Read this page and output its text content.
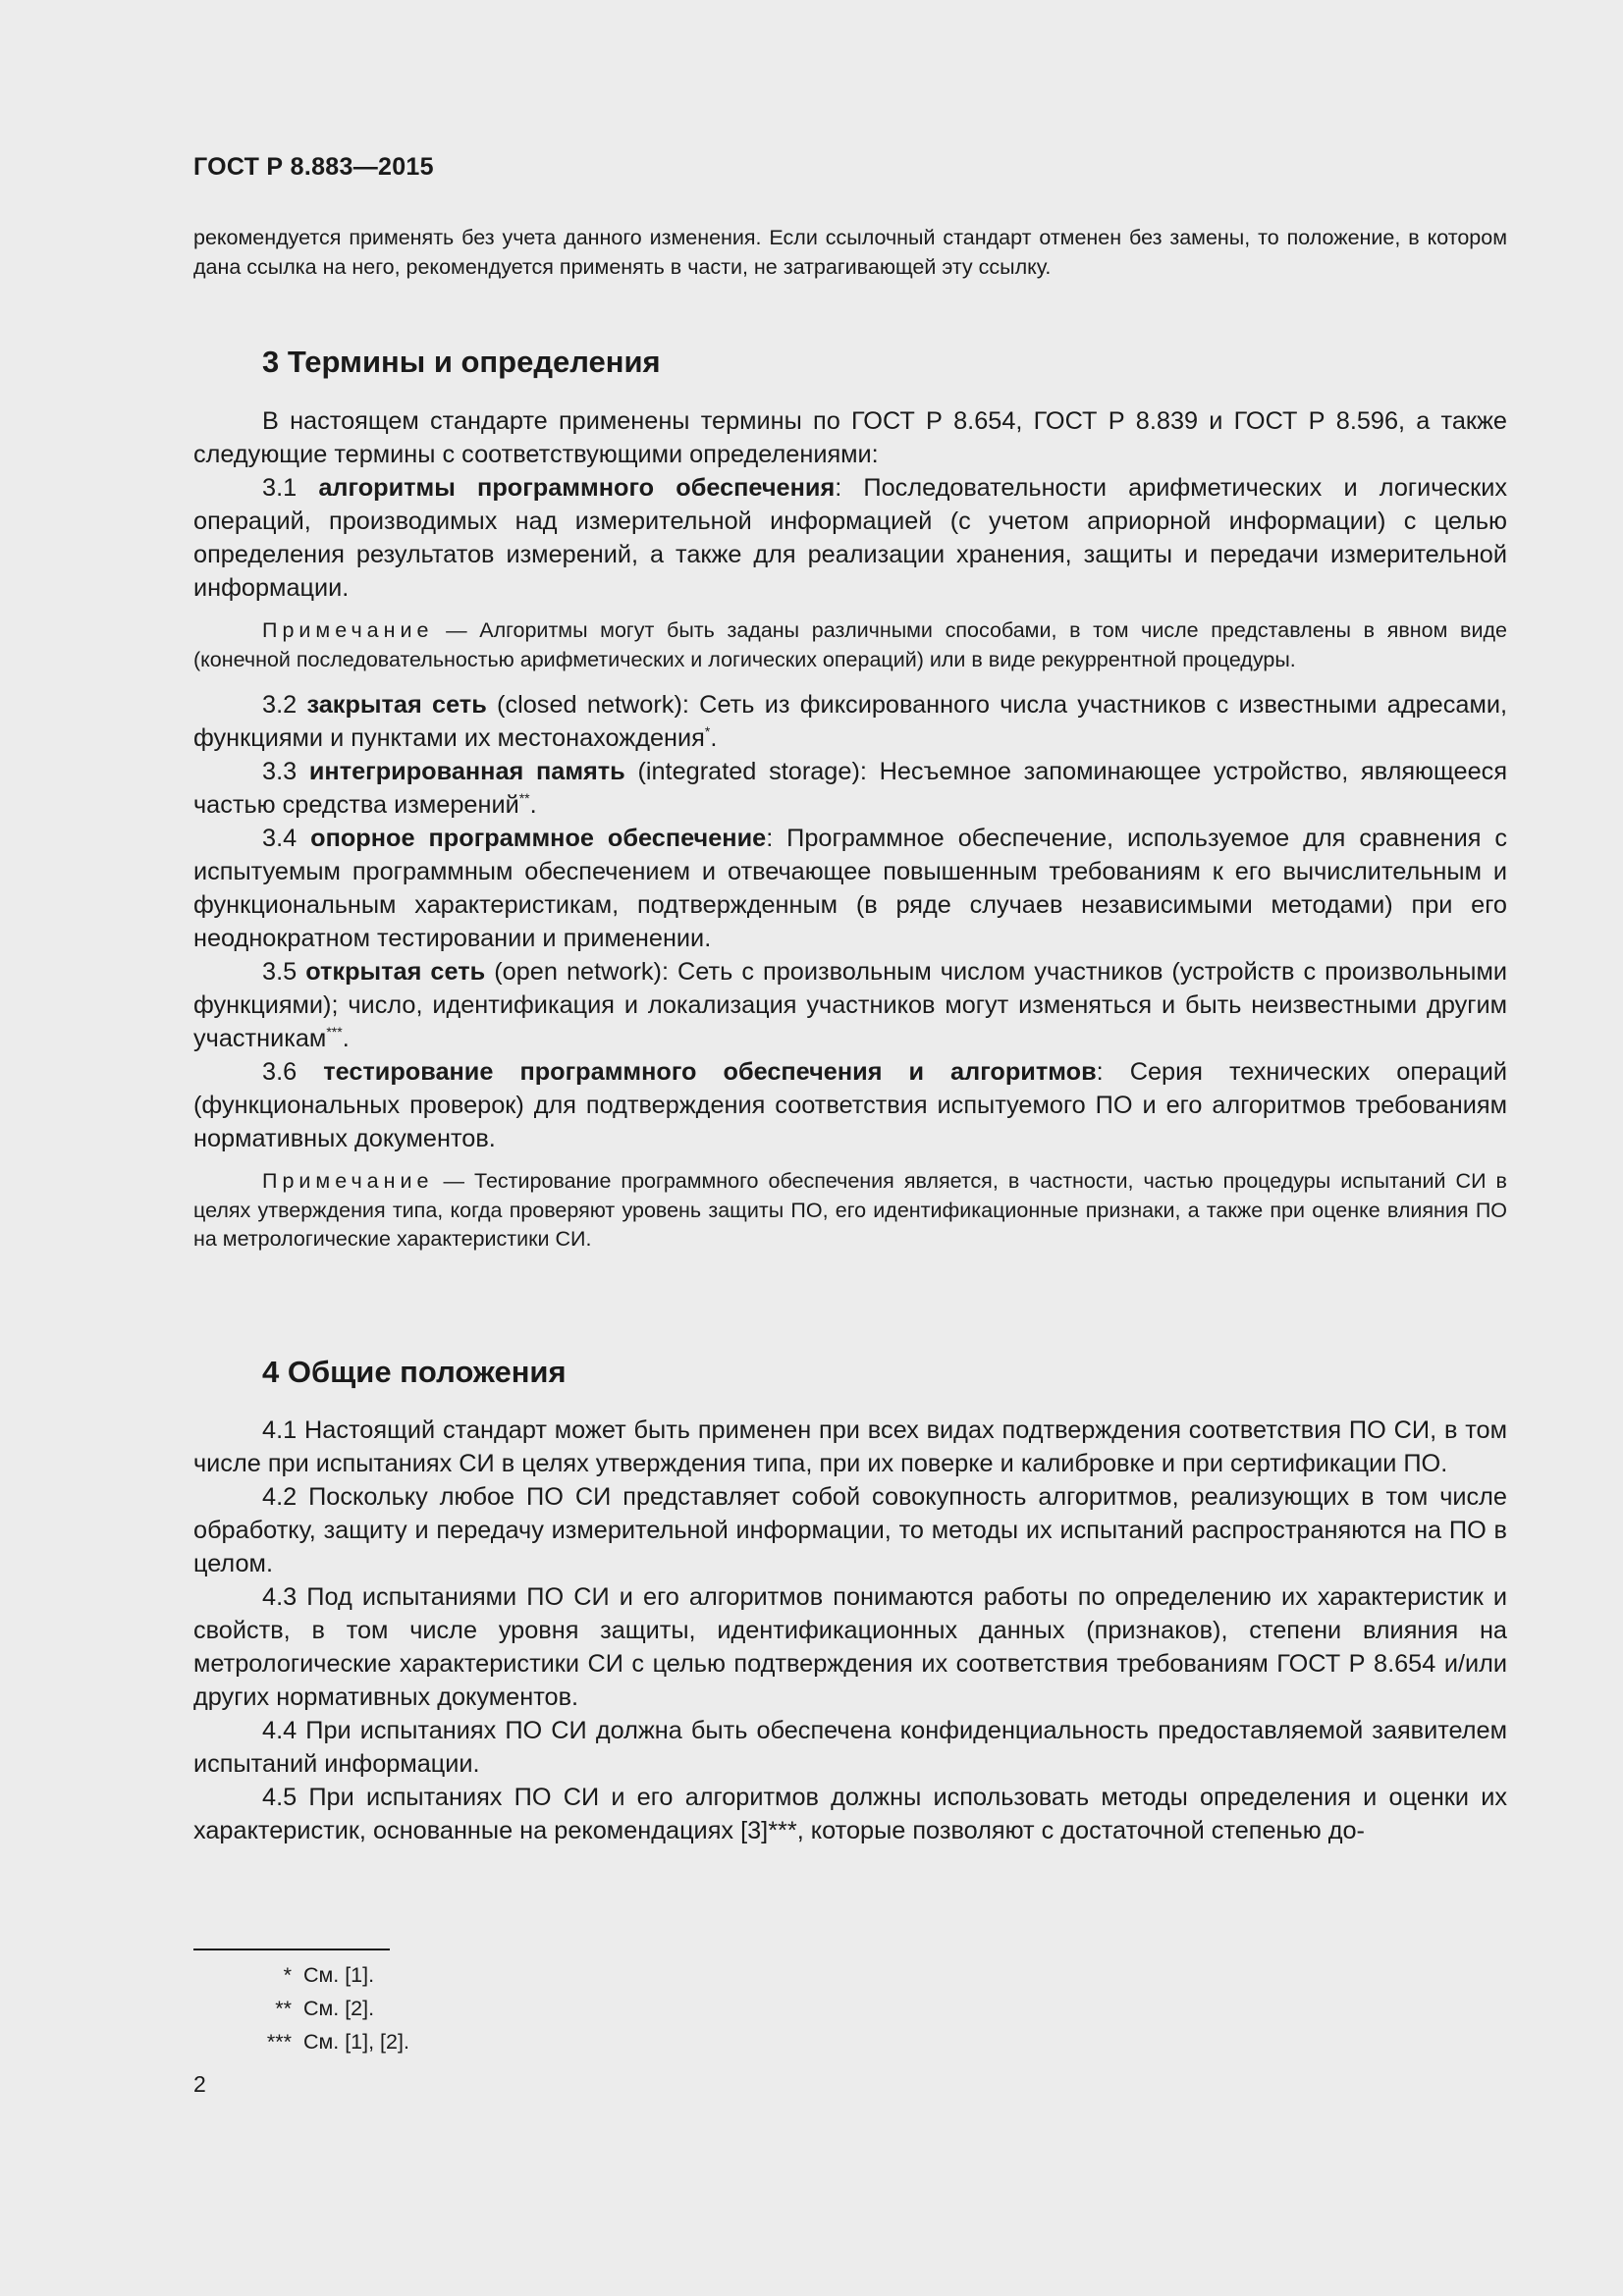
ГОСТ Р 8.883—2015

рекомендуется применять без учета данного изменения. Если ссылочный стандарт отменен без замены, то положение, в котором дана ссылка на него, рекомендуется применять в части, не затрагивающей эту ссылку.

3 Термины и определения

В настоящем стандарте применены термины по ГОСТ Р 8.654, ГОСТ Р 8.839 и ГОСТ Р 8.596, а также следующие термины с соответствующими определениями:

3.1 алгоритмы программного обеспечения: Последовательности арифметических и логических операций, производимых над измерительной информацией (с учетом априорной информации) с целью определения результатов измерений, а также для реализации хранения, защиты и передачи измерительной информации.

Примечание — Алгоритмы могут быть заданы различными способами, в том числе представлены в явном виде (конечной последовательностью арифметических и логических операций) или в виде рекуррентной процедуры.

3.2 закрытая сеть (closed network): Сеть из фиксированного числа участников с известными адресами, функциями и пунктами их местонахождения*.

3.3 интегрированная память (integrated storage): Несъемное запоминающее устройство, являющееся частью средства измерений**.

3.4 опорное программное обеспечение: Программное обеспечение, используемое для сравнения с испытуемым программным обеспечением и отвечающее повышенным требованиям к его вычислительным и функциональным характеристикам, подтвержденным (в ряде случаев независимыми методами) при его неоднократном тестировании и применении.

3.5 открытая сеть (open network): Сеть с произвольным числом участников (устройств с произвольными функциями); число, идентификация и локализация участников могут изменяться и быть неизвестными другим участникам***.

3.6 тестирование программного обеспечения и алгоритмов: Серия технических операций (функциональных проверок) для подтверждения соответствия испытуемого ПО и его алгоритмов требованиям нормативных документов.

Примечание — Тестирование программного обеспечения является, в частности, частью процедуры испытаний СИ в целях утверждения типа, когда проверяют уровень защиты ПО, его идентификационные признаки, а также при оценке влияния ПО на метрологические характеристики СИ.

4 Общие положения

4.1 Настоящий стандарт может быть применен при всех видах подтверждения соответствия ПО СИ, в том числе при испытаниях СИ в целях утверждения типа, при их поверке и калибровке и при сертификации ПО.

4.2 Поскольку любое ПО СИ представляет собой совокупность алгоритмов, реализующих в том числе обработку, защиту и передачу измерительной информации, то методы их испытаний распространяются на ПО в целом.

4.3 Под испытаниями ПО СИ и его алгоритмов понимаются работы по определению их характеристик и свойств, в том числе уровня защиты, идентификационных данных (признаков), степени влияния на метрологические характеристики СИ с целью подтверждения их соответствия требованиям ГОСТ Р 8.654 и/или других нормативных документов.

4.4 При испытаниях ПО СИ должна быть обеспечена конфиденциальность предоставляемой заявителем испытаний информации.

4.5 При испытаниях ПО СИ и его алгоритмов должны использовать методы определения и оценки их характеристик, основанные на рекомендациях [3]***, которые позволяют с достаточной степенью до-

* См. [1].
** См. [2].
*** См. [1], [2].
2
